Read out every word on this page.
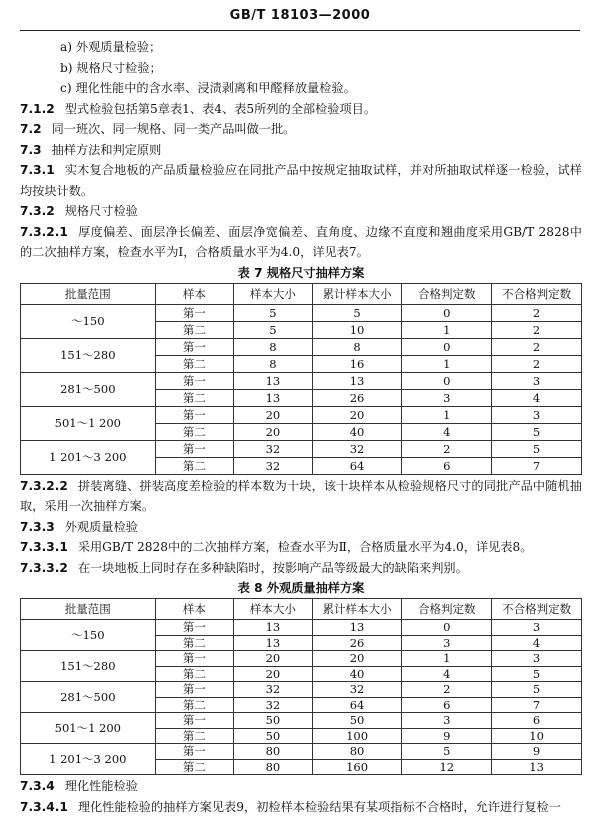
GB/T 18103—2000

a) 外观质量检验；

b) 规格尺寸检验；

c) 理化性能中的含水率、浸渍剥离和甲醛释放量检验。

7.1.2 型式检验包括第5章表1、表4、表5所列的全部检验项目。

7.2 同一班次、同一规格、同一类产品叫做一批。

7.3 抽样方法和判定原则

7.3.1 实木复合地板的产品质量检验应在同批产品中按规定抽取试样，并对所抽取试样逐一检验，试样均按块计数。

7.3.2 规格尺寸检验

7.3.2.1 厚度偏差、面层净长偏差、面层净宽偏差、直角度、边缘不直度和翘曲度采用GB/T 2828中的二次抽样方案，检查水平为Ⅰ，合格质量水平为4.0，详见表7。

表 7 规格尺寸抽样方案

批量范围	样本	样本大小	累计样本大小	合格判定数	不合格判定数
～150	第一	5	5	0	2
	第二	5	10	1	2
151～280	第一	8	8	0	2
	第二	8	16	1	2
281～500	第一	13	13	0	3
	第二	13	26	3	4
501～1 200	第一	20	20	1	3
	第二	20	40	4	5
1 201～3 200	第一	32	32	2	5
	第二	32	64	6	7

7.3.2.2 拼装离缝、拼装高度差检验的样本数为十块，该十块样本从检验规格尺寸的同批产品中随机抽取，采用一次抽样方案。

7.3.3 外观质量检验

7.3.3.1 采用GB/T 2828中的二次抽样方案，检查水平为Ⅱ，合格质量水平为4.0，详见表8。

7.3.3.2 在一块地板上同时存在多种缺陷时，按影响产品等级最大的缺陷来判别。

表 8 外观质量抽样方案

批量范围	样本	样本大小	累计样本大小	合格判定数	不合格判定数
～150	第一	13	13	0	3
	第二	13	26	3	4
151～280	第一	20	20	1	3
	第二	20	40	4	5
281～500	第一	32	32	2	5
	第二	32	64	6	7
501～1 200	第一	50	50	3	6
	第二	50	100	9	10
1 201～3 200	第一	80	80	5	9
	第二	80	160	12	13

7.3.4 理化性能检验

7.3.4.1 理化性能检验的抽样方案见表9，初检样本检验结果有某项指标不合格时，允许进行复检一
